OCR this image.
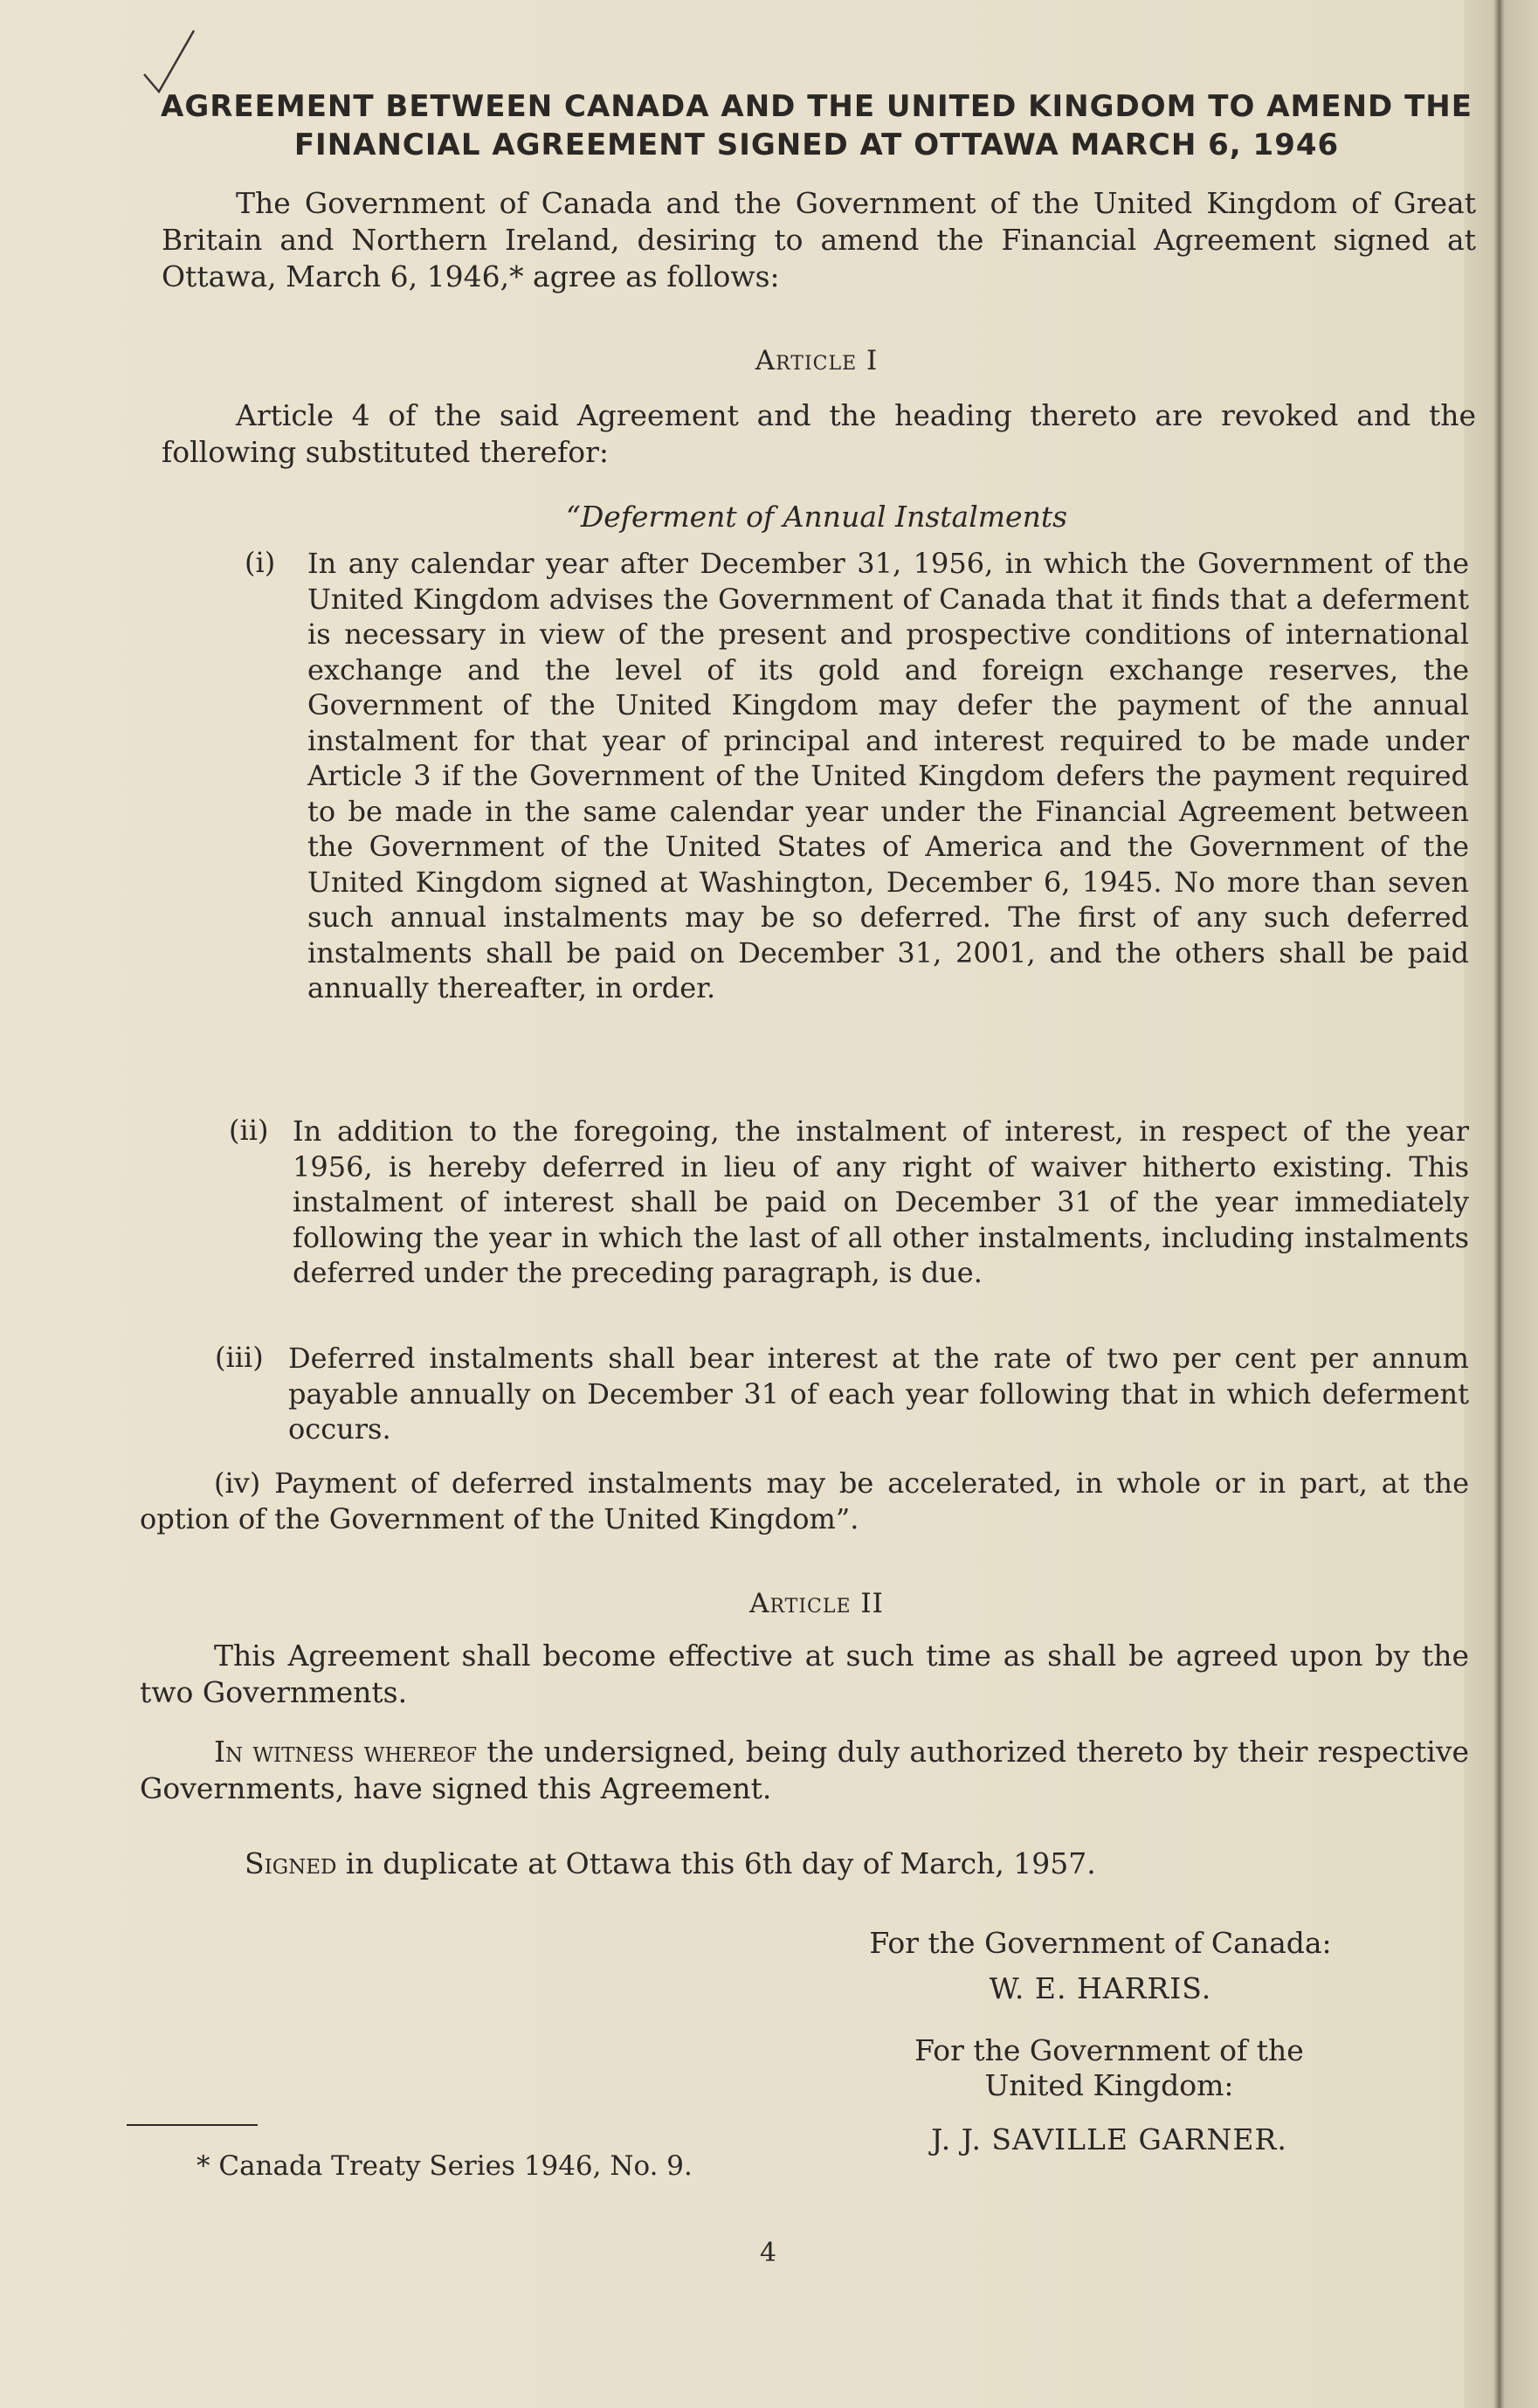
AGREEMENT BETWEEN CANADA AND THE UNITED KINGDOM TO AMEND THE
FINANCIAL AGREEMENT SIGNED AT OTTAWA MARCH 6, 1946
The Government of Canada and the Government of the United Kingdom of Great Britain and Northern Ireland, desiring to amend the Financial Agreement signed at Ottawa, March 6, 1946,* agree as follows:
Article I
Article 4 of the said Agreement and the heading thereto are revoked and the following substituted therefor:
“Deferment of Annual Instalments
(i) In any calendar year after December 31, 1956, in which the Government of the United Kingdom advises the Government of Canada that it finds that a deferment is necessary in view of the present and prospective conditions of international exchange and the level of its gold and foreign exchange reserves, the Government of the United Kingdom may defer the payment of the annual instalment for that year of principal and interest required to be made under Article 3 if the Government of the United Kingdom defers the payment required to be made in the same calendar year under the Financial Agreement between the Government of the United States of America and the Government of the United Kingdom signed at Washington, December 6, 1945. No more than seven such annual instalments may be so deferred. The first of any such deferred instalments shall be paid on December 31, 2001, and the others shall be paid annually thereafter, in order.
(ii) In addition to the foregoing, the instalment of interest, in respect of the year 1956, is hereby deferred in lieu of any right of waiver hitherto existing. This instalment of interest shall be paid on December 31 of the year immediately following the year in which the last of all other instalments, including instalments deferred under the preceding paragraph, is due.
(iii) Deferred instalments shall bear interest at the rate of two per cent per annum payable annually on December 31 of each year following that in which deferment occurs.
(iv) Payment of deferred instalments may be accelerated, in whole or in part, at the option of the Government of the United Kingdom”.
Article II
This Agreement shall become effective at such time as shall be agreed upon by the two Governments.
In witness whereof the undersigned, being duly authorized thereto by their respective Governments, have signed this Agreement.
Signed in duplicate at Ottawa this 6th day of March, 1957.
For the Government of Canada:
W. E. HARRIS.
For the Government of the
United Kingdom:
J. J. SAVILLE GARNER.
* Canada Treaty Series 1946, No. 9.
4
